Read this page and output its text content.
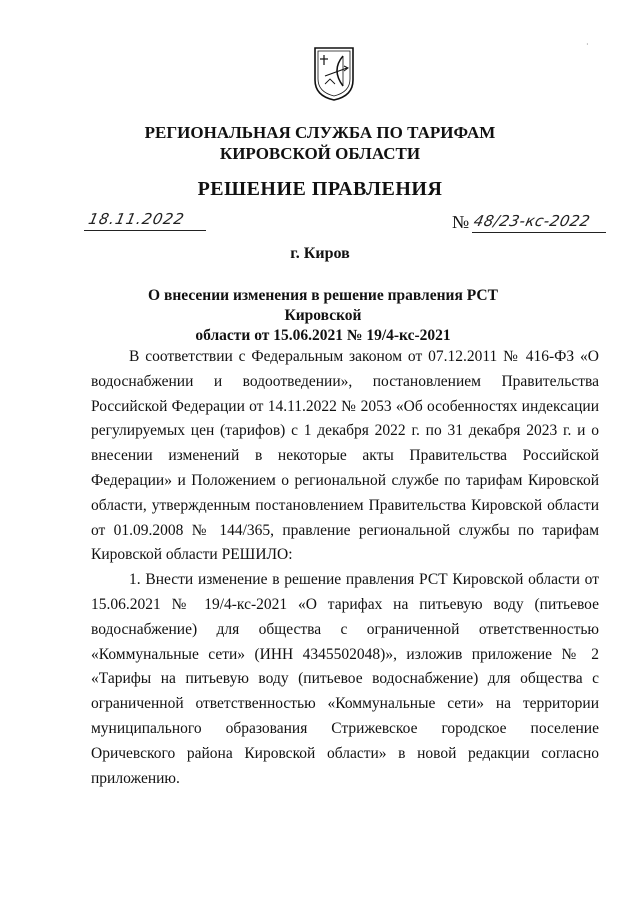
·
РЕГИОНАЛЬНАЯ СЛУЖБА ПО ТАРИФАМ
КИРОВСКОЙ ОБЛАСТИ
РЕШЕНИЕ ПРАВЛЕНИЯ
18.11.2022	№ 48/23-кс-2022
г. Киров
О внесении изменения в решение правления РСТ Кировской
области от 15.06.2021 № 19/4-кс-2021

В соответствии с Федеральным законом от 07.12.2011 № 416-ФЗ «О водоснабжении и водоотведении», постановлением Правительства Российской Федерации от 14.11.2022 № 2053 «Об особенностях индексации регулируемых цен (тарифов) с 1 декабря 2022 г. по 31 декабря 2023 г. и о внесении изменений в некоторые акты Правительства Российской Федерации» и Положением о региональной службе по тарифам Кировской области, утвержденным постановлением Правительства Кировской области от 01.09.2008 № 144/365, правление региональной службы по тарифам Кировской области РЕШИЛО:

1. Внести изменение в решение правления РСТ Кировской области от 15.06.2021 № 19/4-кс-2021 «О тарифах на питьевую воду (питьевое водоснабжение) для общества с ограниченной ответственностью «Коммунальные сети» (ИНН 4345502048)», изложив приложение № 2 «Тарифы на питьевую воду (питьевое водоснабжение) для общества с ограниченной ответственностью «Коммунальные сети» на территории муниципального образования Стрижевское городское поселение Оричевского района Кировской области» в новой редакции согласно приложению.
